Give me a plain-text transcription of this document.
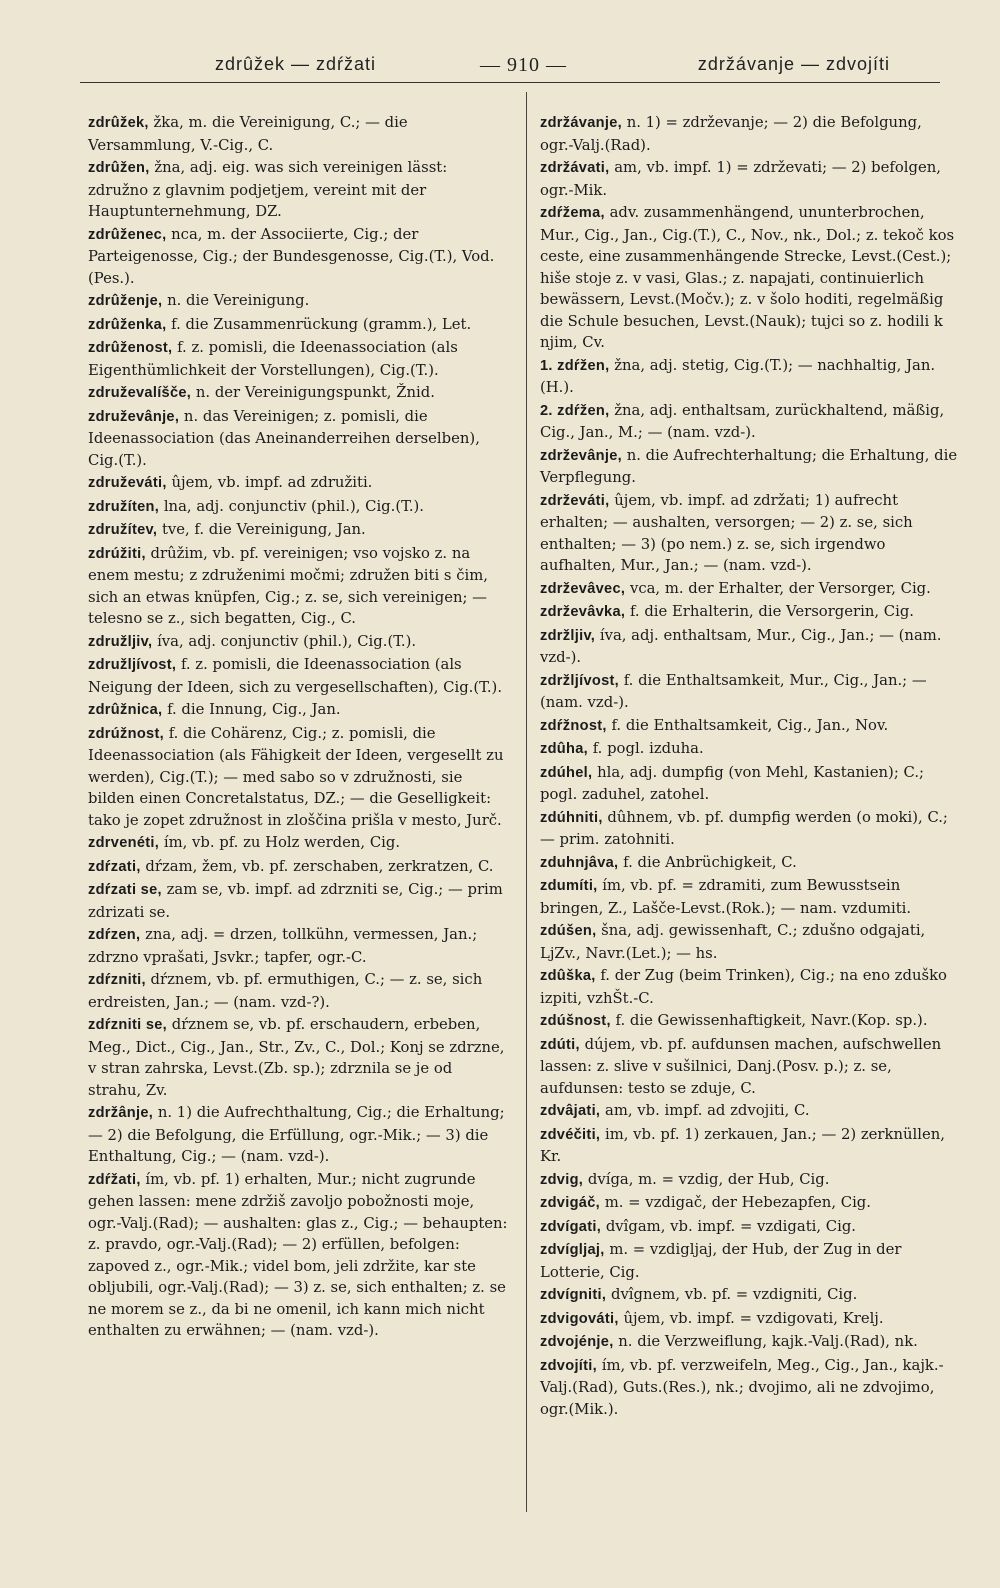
zdrûžek — zdŕžati	— 910 —	zdržávanje — zdvojíti
zdrûžek, žka, m. die Vereinigung, C.; — die Versammlung, V.-Cig., C.
zdrûžen, žna, adj. eig. was sich vereinigen lässt: združno z glavnim podjetjem, vereint mit der Hauptunternehmung, DZ.
zdrûženec, nca, m. der Associierte, Cig.; der Parteigenosse, Cig.; der Bundesgenosse, Cig.(T.), Vod.(Pes.).
zdrûženje, n. die Vereinigung.
zdrûženka, f. die Zusammenrückung (gramm.), Let.
zdrûženost, f. z. pomisli, die Ideenassociation (als Eigenthümlichkeit der Vorstellungen), Cig.(T.).
združevalíšče, n. der Vereinigungspunkt, Žnid.
združevânje, n. das Vereinigen; z. pomisli, die Ideenassociation (das Aneinanderreihen derselben), Cig.(T.).
združeváti, ûjem, vb. impf. ad združiti.
združíten, lna, adj. conjunctiv (phil.), Cig.(T.).
združítev, tve, f. die Vereinigung, Jan.
zdrúžiti, drûžim, vb. pf. vereinigen; vso vojsko z. na enem mestu; z združenimi močmi; združen biti s čim, sich an etwas knüpfen, Cig.; z. se, sich vereinigen; — telesno se z., sich begatten, Cig., C.
združljiv, íva, adj. conjunctiv (phil.), Cig.(T.).
združljívost, f. z. pomisli, die Ideenassociation (als Neigung der Ideen, sich zu vergesellschaften), Cig.(T.).
zdrûžnica, f. die Innung, Cig., Jan.
zdrúžnost, f. die Cohärenz, Cig.; z. pomisli, die Ideenassociation (als Fähigkeit der Ideen, vergesellt zu werden), Cig.(T.); — med sabo so v združnosti, sie bilden einen Concretalstatus, DZ.; — die Geselligkeit: tako je zopet združnost in zloščina prišla v mesto, Jurč.
zdrvenéti, ím, vb. pf. zu Holz werden, Cig.
zdŕzati, dŕzam, žem, vb. pf. zerschaben, zerkratzen, C.
zdŕzati se, zam se, vb. impf. ad zdrzniti se, Cig.; — prim zdrizati se.
zdŕzen, zna, adj. = drzen, tollkühn, vermessen, Jan.; zdrzno vprašati, Jsvkr.; tapfer, ogr.-C.
zdŕzniti, dŕznem, vb. pf. ermuthigen, C.; — z. se, sich erdreisten, Jan.; — (nam. vzd-?).
zdŕzniti se, dŕznem se, vb. pf. erschaudern, erbeben, Meg., Dict., Cig., Jan., Str., Zv., C., Dol.; Konj se zdrzne, v stran zahrska, Levst.(Zb. sp.); zdrznila se je od strahu, Zv.
zdržânje, n. 1) die Aufrechthaltung, Cig.; die Erhaltung; — 2) die Befolgung, die Erfüllung, ogr.-Mik.; — 3) die Enthaltung, Cig.; — (nam. vzd-).
zdŕžati, ím, vb. pf. 1) erhalten, Mur.; nicht zugrunde gehen lassen: mene zdržiš zavoljo pobožnosti moje, ogr.-Valj.(Rad); — aushalten: glas z., Cig.; — behaupten: z. pravdo, ogr.-Valj.(Rad); — 2) erfüllen, befolgen: zapoved z., ogr.-Mik.; videl bom, jeli zdržite, kar ste obljubili, ogr.-Valj.(Rad); — 3) z. se, sich enthalten; z. se ne morem se z., da bi ne omenil, ich kann mich nicht enthalten zu erwähnen; — (nam. vzd-).
zdržávanje, n. 1) = zdrževanje; — 2) die Befolgung, ogr.-Valj.(Rad).
zdržávati, am, vb. impf. 1) = zdrževati; — 2) befolgen, ogr.-Mik.
zdŕžema, adv. zusammenhängend, ununterbrochen, Mur., Cig., Jan., Cig.(T.), C., Nov., nk., Dol.; z. tekoč kos ceste, eine zusammenhängende Strecke, Levst.(Cest.); hiše stoje z. v vasi, Glas.; z. napajati, continuierlich bewässern, Levst.(Močv.); z. v šolo hoditi, regelmäßig die Schule besuchen, Levst.(Nauk); tujci so z. hodili k njim, Cv.
1. zdŕžen, žna, adj. stetig, Cig.(T.); — nachhaltig, Jan.(H.).
2. zdŕžen, žna, adj. enthaltsam, zurückhaltend, mäßig, Cig., Jan., M.; — (nam. vzd-).
zdrževânje, n. die Aufrechterhaltung; die Erhaltung, die Verpflegung.
zdrževáti, ûjem, vb. impf. ad zdržati; 1) aufrecht erhalten; — aushalten, versorgen; — 2) z. se, sich enthalten; — 3) (po nem.) z. se, sich irgendwo aufhalten, Mur., Jan.; — (nam. vzd-).
zdrževâvec, vca, m. der Erhalter, der Versorger, Cig.
zdrževâvka, f. die Erhalterin, die Versorgerin, Cig.
zdržljiv, íva, adj. enthaltsam, Mur., Cig., Jan.; — (nam. vzd-).
zdržljívost, f. die Enthaltsamkeit, Mur., Cig., Jan.; — (nam. vzd-).
zdŕžnost, f. die Enthaltsamkeit, Cig., Jan., Nov.
zdûha, f. pogl. izduha.
zdúhel, hla, adj. dumpfig (von Mehl, Kastanien); C.; pogl. zaduhel, zatohel.
zdúhniti, dûhnem, vb. pf. dumpfig werden (o moki), C.; — prim. zatohniti.
zduhnjâva, f. die Anbrüchigkeit, C.
zdumíti, ím, vb. pf. = zdramiti, zum Bewusstsein bringen, Z., Lašče-Levst.(Rok.); — nam. vzdumiti.
zdúšen, šna, adj. gewissenhaft, C.; zdušno odgajati, LjZv., Navr.(Let.); — hs.
zdûška, f. der Zug (beim Trinken), Cig.; na eno zduško izpiti, vzhŠt.-C.
zdúšnost, f. die Gewissenhaftigkeit, Navr.(Kop. sp.).
zdúti, dújem, vb. pf. aufdunsen machen, aufschwellen lassen: z. slive v sušilnici, Danj.(Posv. p.); z. se, aufdunsen: testo se zduje, C.
zdvâjati, am, vb. impf. ad zdvojiti, C.
zdvéčiti, im, vb. pf. 1) zerkauen, Jan.; — 2) zerknüllen, Kr.
zdvig, dvíga, m. = vzdig, der Hub, Cig.
zdvigáč, m. = vzdigač, der Hebezapfen, Cig.
zdvígati, dvîgam, vb. impf. = vzdigati, Cig.
zdvígljaj, m. = vzdigljaj, der Hub, der Zug in der Lotterie, Cig.
zdvígniti, dvîgnem, vb. pf. = vzdigniti, Cig.
zdvigováti, ûjem, vb. impf. = vzdigovati, Krelj.
zdvojénje, n. die Verzweiflung, kajk.-Valj.(Rad), nk.
zdvojíti, ím, vb. pf. verzweifeln, Meg., Cig., Jan., kajk.-Valj.(Rad), Guts.(Res.), nk.; dvojimo, ali ne zdvojimo, ogr.(Mik.).
